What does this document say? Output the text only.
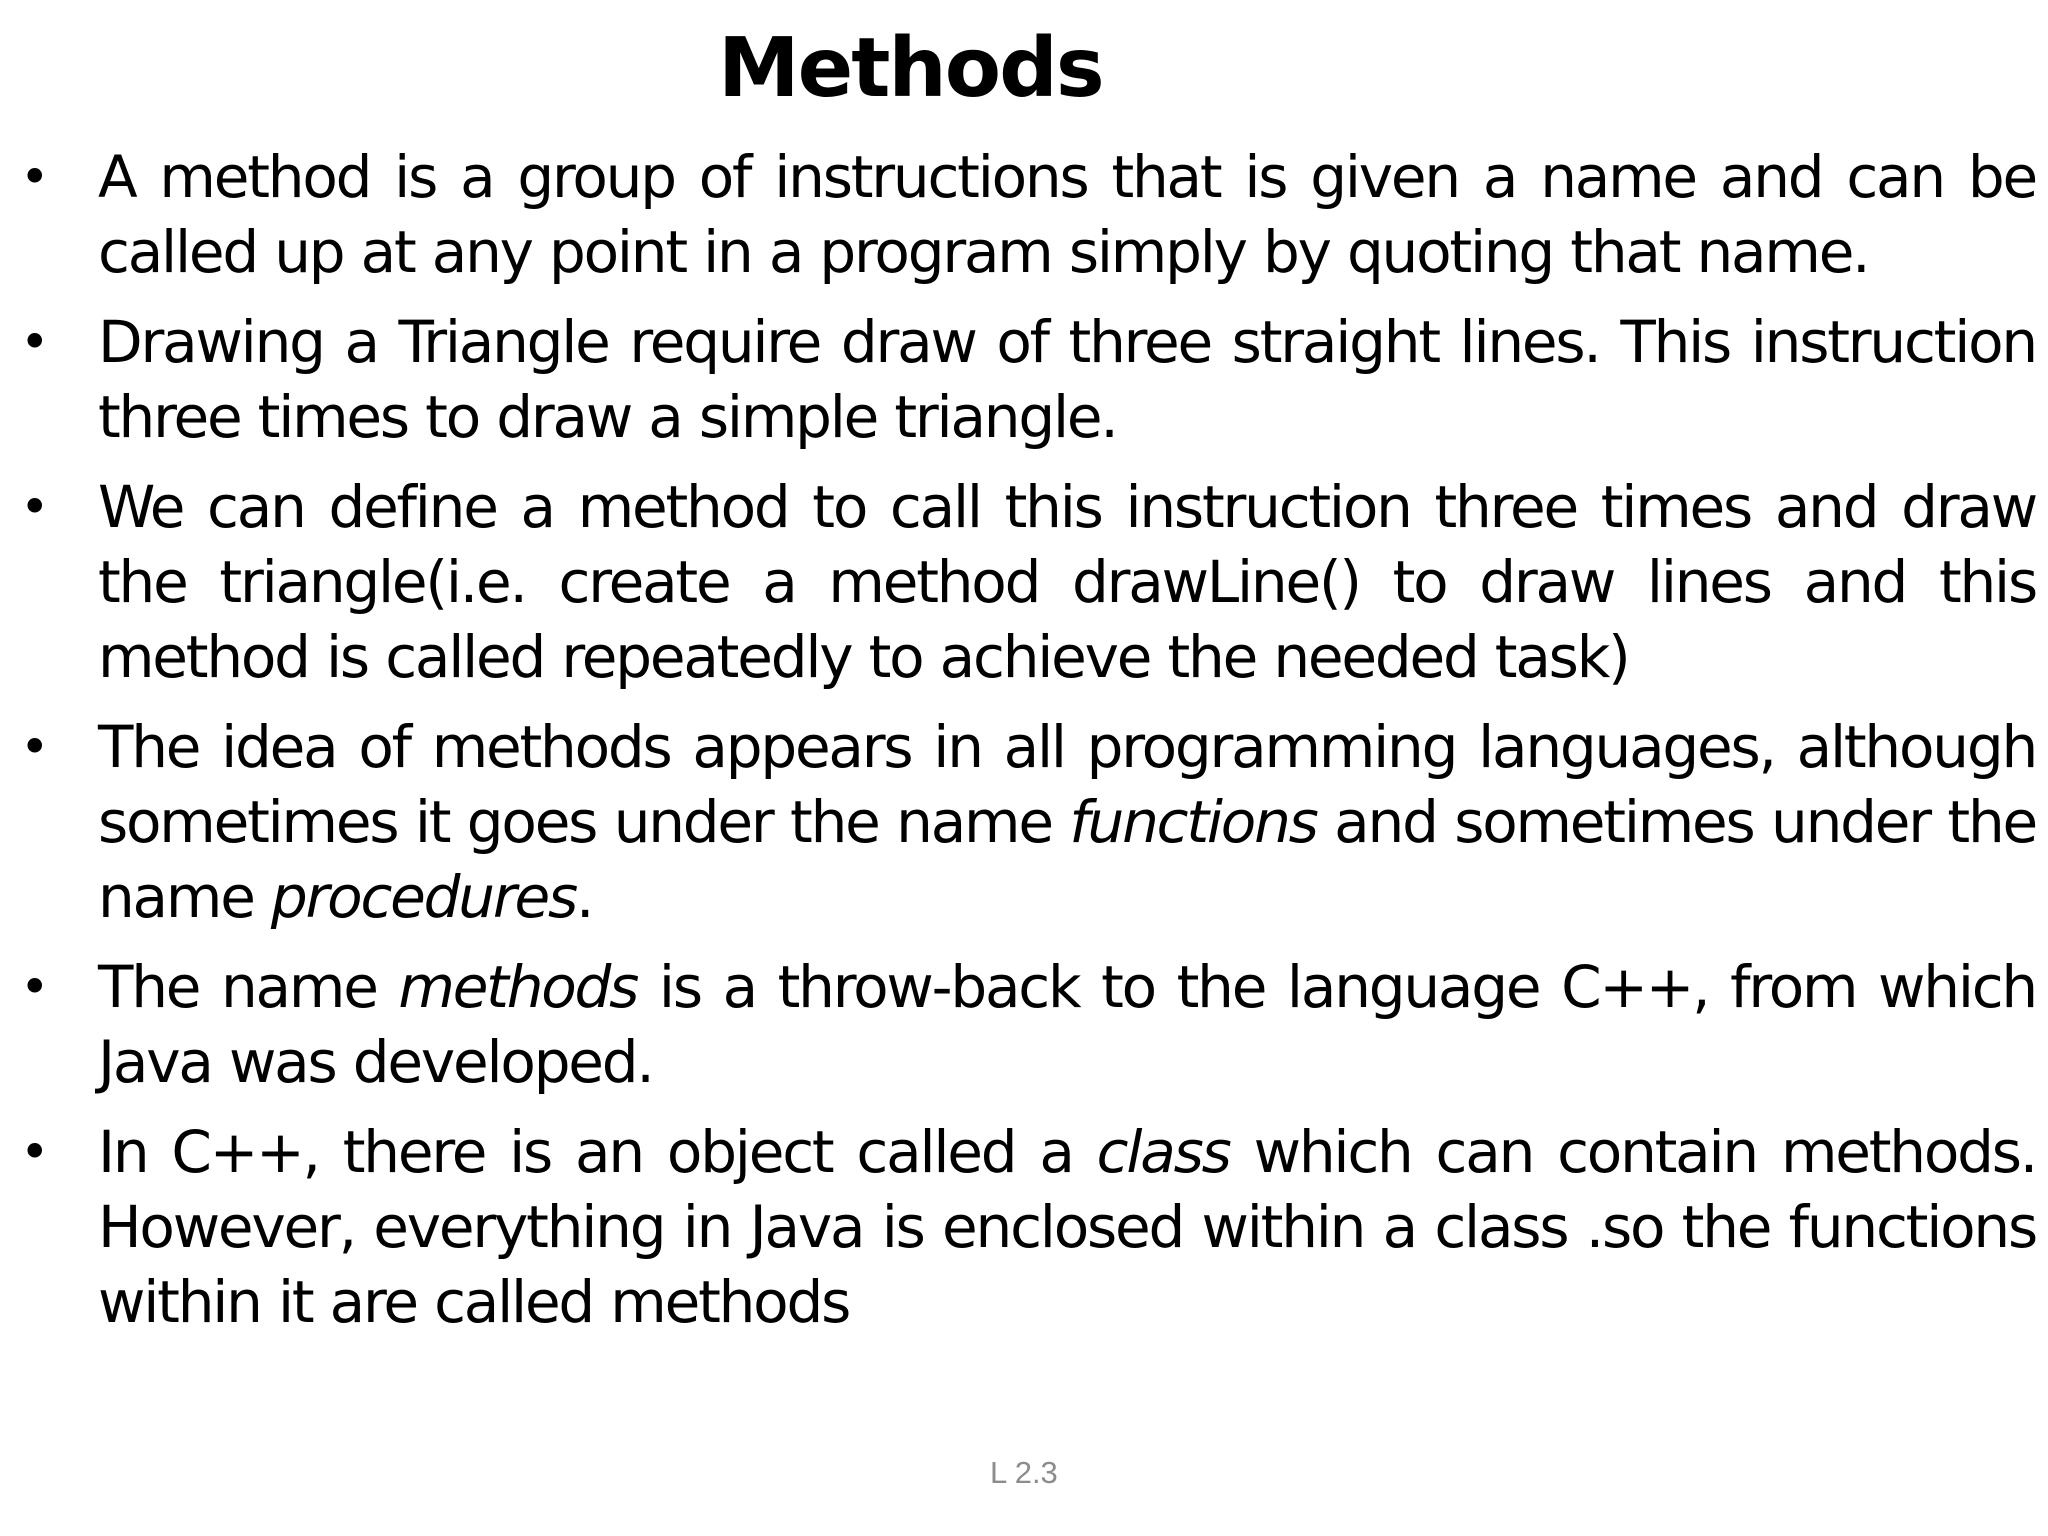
Methods
• A method is a group of instructions that is given a name and can be called up at any point in a program simply by quoting that name.
• Drawing a Triangle require draw of three straight lines. This instruction three times to draw a simple triangle.
• We can define a method to call this instruction three times and draw the triangle(i.e. create a method drawLine() to draw lines and this method is called repeatedly to achieve the needed task)
• The idea of methods appears in all programming languages, although sometimes it goes under the name functions and sometimes under the name procedures.
• The name methods is a throw-back to the language C++, from which Java was developed.
• In C++, there is an object called a class which can contain methods. However, everything in Java is enclosed within a class .so the functions within it are called methods
L 2.3
